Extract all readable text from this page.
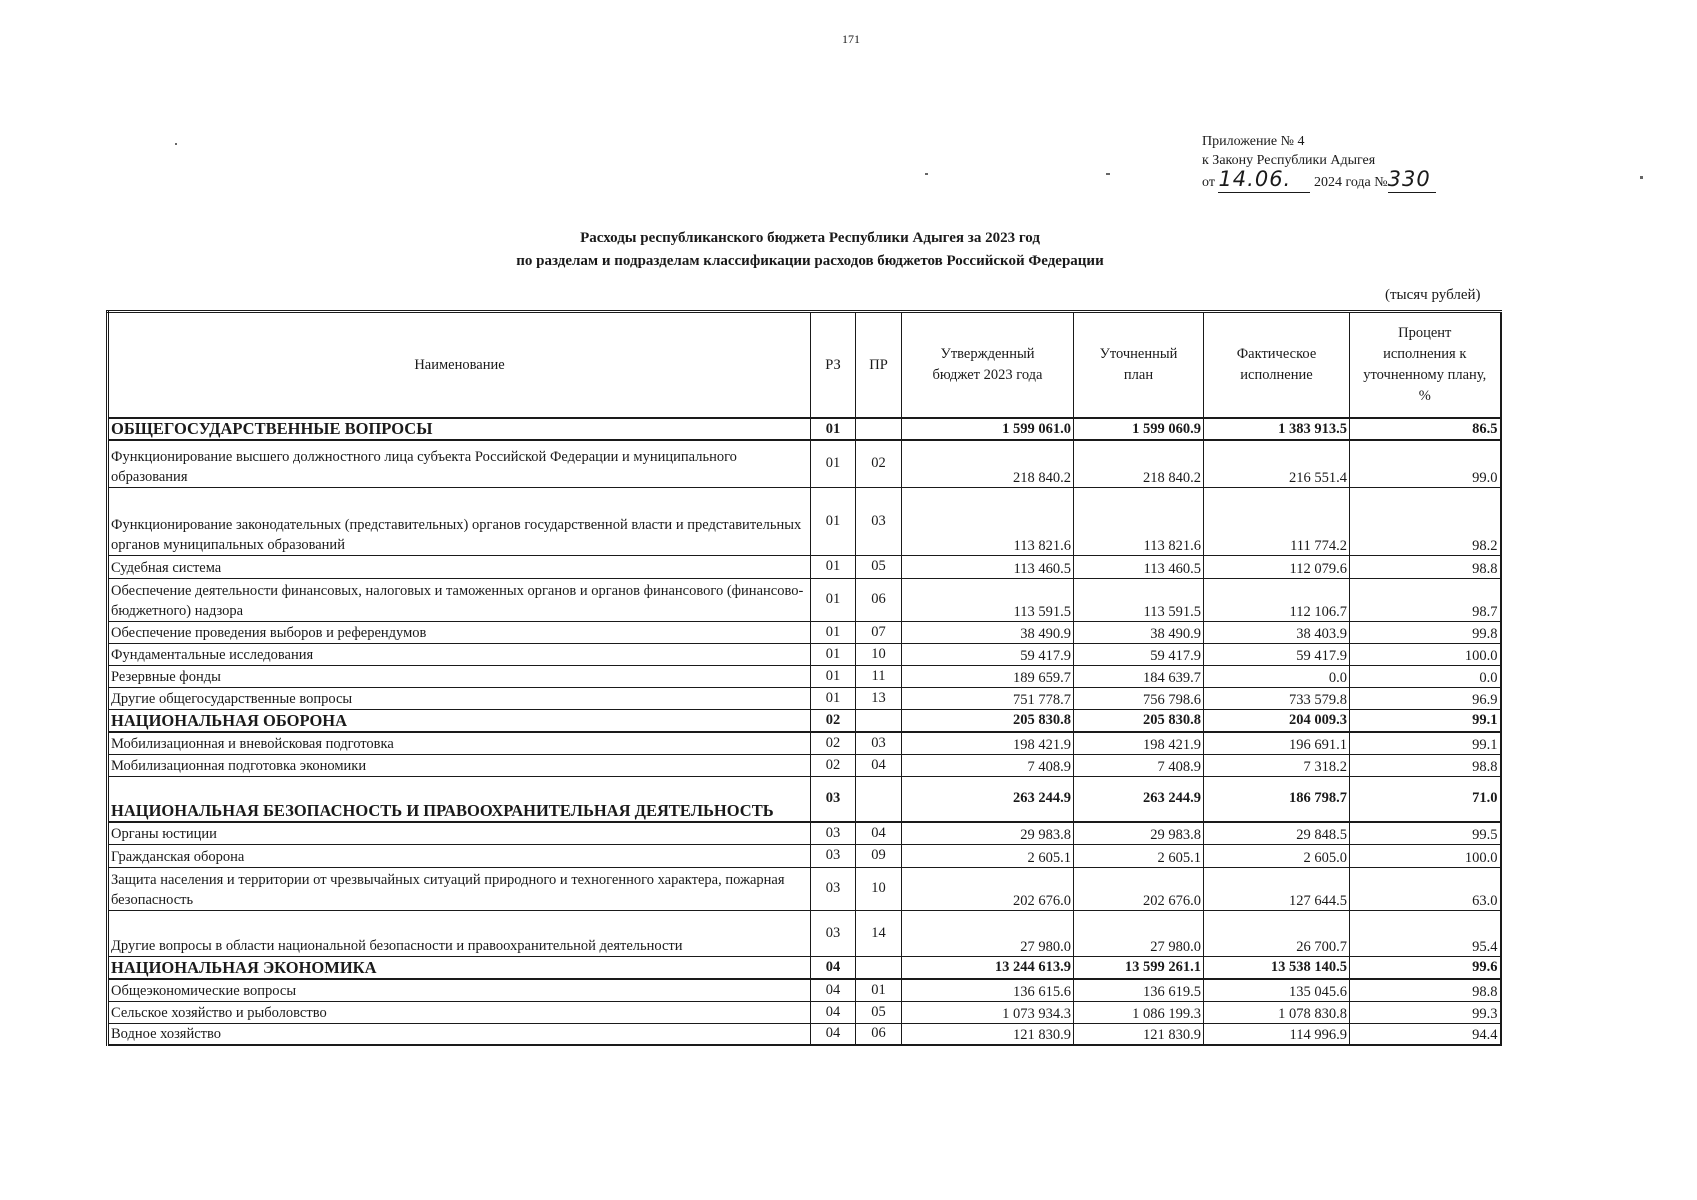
171
Приложение № 4
к Закону Республики Адыгея
от 14.06. 2024 года №330
Расходы республиканского бюджета Республики Адыгея за 2023 год
по разделам и подразделам классификации расходов бюджетов Российской Федерации
(тысяч рублей)
Наименование	РЗ	ПР	Утвержденный бюджет 2023 года	Уточненный план	Фактическое исполнение	Процент исполнения к уточненному плану, %
ОБЩЕГОСУДАРСТВЕННЫЕ ВОПРОСЫ	01		1 599 061.0	1 599 060.9	1 383 913.5	86.5
Функционирование высшего должностного лица субъекта Российской Федерации и муниципального образования	01	02	218 840.2	218 840.2	216 551.4	99.0
Функционирование законодательных (представительных) органов государственной власти и представительных органов муниципальных образований	01	03	113 821.6	113 821.6	111 774.2	98.2
Судебная система	01	05	113 460.5	113 460.5	112 079.6	98.8
Обеспечение деятельности финансовых, налоговых и таможенных органов и органов финансового (финансово-бюджетного) надзора	01	06	113 591.5	113 591.5	112 106.7	98.7
Обеспечение проведения выборов и референдумов	01	07	38 490.9	38 490.9	38 403.9	99.8
Фундаментальные исследования	01	10	59 417.9	59 417.9	59 417.9	100.0
Резервные фонды	01	11	189 659.7	184 639.7	0.0	0.0
Другие общегосударственные вопросы	01	13	751 778.7	756 798.6	733 579.8	96.9
НАЦИОНАЛЬНАЯ ОБОРОНА	02		205 830.8	205 830.8	204 009.3	99.1
Мобилизационная и вневойсковая подготовка	02	03	198 421.9	198 421.9	196 691.1	99.1
Мобилизационная подготовка экономики	02	04	7 408.9	7 408.9	7 318.2	98.8
НАЦИОНАЛЬНАЯ БЕЗОПАСНОСТЬ И ПРАВООХРАНИТЕЛЬНАЯ ДЕЯТЕЛЬНОСТЬ	03		263 244.9	263 244.9	186 798.7	71.0
Органы юстиции	03	04	29 983.8	29 983.8	29 848.5	99.5
Гражданская оборона	03	09	2 605.1	2 605.1	2 605.0	100.0
Защита населения и территории от чрезвычайных ситуаций природного и техногенного характера, пожарная безопасность	03	10	202 676.0	202 676.0	127 644.5	63.0
Другие вопросы в области национальной безопасности и правоохранительной деятельности	03	14	27 980.0	27 980.0	26 700.7	95.4
НАЦИОНАЛЬНАЯ ЭКОНОМИКА	04		13 244 613.9	13 599 261.1	13 538 140.5	99.6
Общеэкономические вопросы	04	01	136 615.6	136 619.5	135 045.6	98.8
Сельское хозяйство и рыболовство	04	05	1 073 934.3	1 086 199.3	1 078 830.8	99.3
Водное хозяйство	04	06	121 830.9	121 830.9	114 996.9	94.4
